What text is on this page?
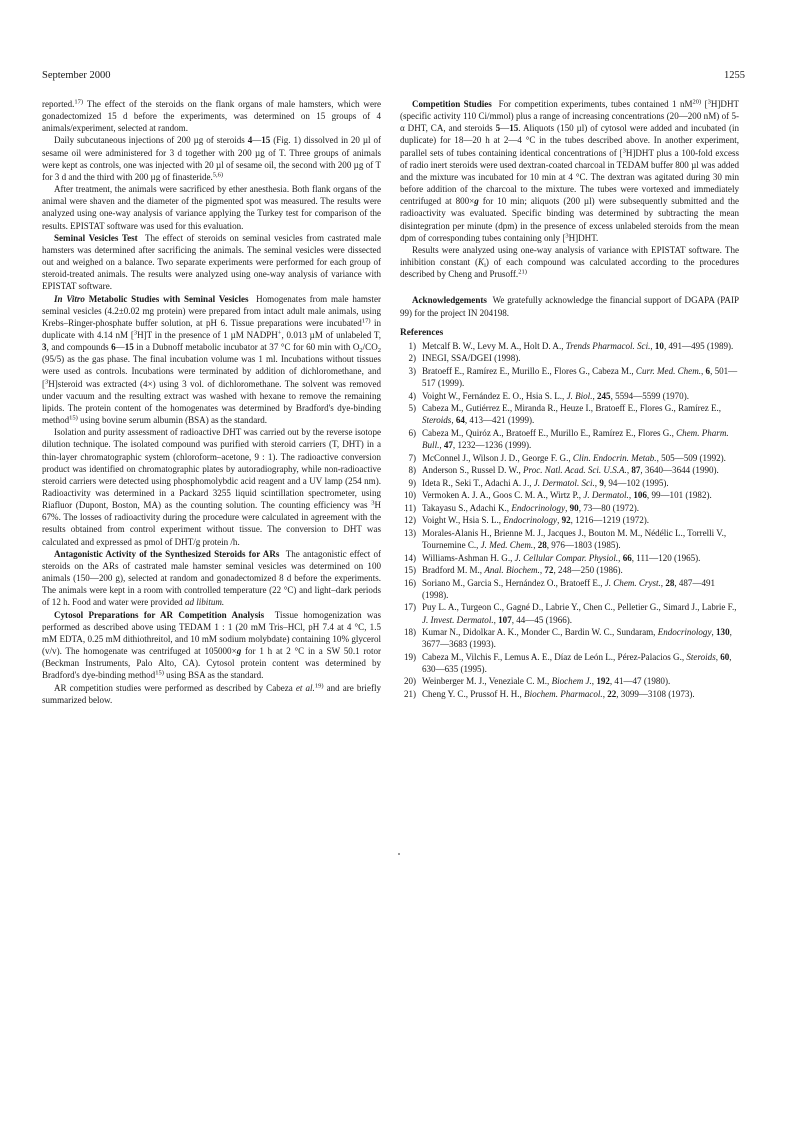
September 2000	1255

reported.$^{17)}$ The effect of the steroids on the flank organs of male hamsters, which were gonadectomized 15 d before the experiments, was determined on 15 groups of 4 animals/experiment, selected at random.

Daily subcutaneous injections of 200 µg of steroids 4—15 (Fig. 1) dissolved in 20 µl of sesame oil were administered for 3 d together with 200 µg of T. Three groups of animals were kept as controls, one was injected with 20 µl of sesame oil, the second with 200 µg of T for 3 d and the third with 200 µg of finasteride.$^{5,6)}$

After treatment, the animals were sacrificed by ether anesthesia. Both flank organs of the animal were shaven and the diameter of the pigmented spot was measured. The results were analyzed using one-way analysis of variance applying the Turkey test for comparison of the results. EPISTAT software was used for this evaluation.

Seminal Vesicles Test The effect of steroids on seminal vesicles from castrated male hamsters was determined after sacrificing the animals. The seminal vesicles were dissected out and weighed on a balance. Two separate experiments were performed for each group of steroid-treated animals. The results were analyzed using one-way analysis of variance with EPISTAT software.

In Vitro Metabolic Studies with Seminal Vesicles Homogenates from male hamster seminal vesicles (4.2±0.02 mg protein) were prepared from intact adult male animals, using Krebs–Ringer-phosphate buffer solution, at pH 6. Tissue preparations were incubated$^{17)}$ in duplicate with 4.14 nM [$^3$H]T in the presence of 1 µM NADPH+, 0.013 µM of unlabeled T, 3, and compounds 6—15 in a Dubnoff metabolic incubator at 37 °C for 60 min with $O_2/CO_2$ (95/5) as the gas phase. The final incubation volume was 1 ml. Incubations without tissues were used as controls. Incubations were terminated by addition of dichloromethane, and [$^3$H]steroid was extracted (4×) using 3 vol. of dichloromethane. The solvent was removed under vacuum and the resulting extract was washed with hexane to remove the remaining lipids. The protein content of the homogenates was determined by Bradford's dye-binding method$^{15)}$ using bovine serum albumin (BSA) as the standard.

Isolation and purity assessment of radioactive DHT was carried out by the reverse isotope dilution technique. The isolated compound was purified with steroid carriers (T, DHT) in a thin-layer chromatographic system (chloroform–acetone, 9 : 1). The radioactive conversion product was identified on chromatographic plates by autoradiography, while non-radioactive steroid carriers were detected using phosphomolybdic acid reagent and a UV lamp (254 nm). Radioactivity was determined in a Packard 3255 liquid scintillation spectrometer, using Riafluor (Dupont, Boston, MA) as the counting solution. The counting efficiency was $^3$H 67%. The losses of radioactivity during the procedure were calculated in agreement with the results obtained from control experiment without tissue. The conversion to DHT was calculated and expressed as pmol of DHT/g protein /h.

Antagonistic Activity of the Synthesized Steroids for ARs The antagonistic effect of steroids on the ARs of castrated male hamster seminal vesicles was determined on 100 animals (150—200 g), selected at random and gonadectomized 8 d before the experiments. The animals were kept in a room with controlled temperature (22 °C) and light–dark periods of 12 h. Food and water were provided ad libitum.

Cytosol Preparations for AR Competition Analysis Tissue homogenization was performed as described above using TEDAM 1 : 1 (20 mM Tris–HCl, pH 7.4 at 4 °C, 1.5 mM EDTA, 0.25 mM dithiothreitol, and 10 mM sodium molybdate) containing 10% glycerol (v/v). The homogenate was centrifuged at 105000×g for 1 h at 2 °C in a SW 50.1 rotor (Beckman Instruments, Palo Alto, CA). Cytosol protein content was determined by Bradford's dye-binding method$^{15)}$ using BSA as the standard.

AR competition studies were performed as described by Cabeza et al.$^{19)}$ and are briefly summarized below.

Competition Studies For competition experiments, tubes contained 1 $nM^{20)}$ [$^3$H]DHT (specific activity 110 Ci/mmol) plus a range of increasing concentrations (20—200 nM) of 5-α DHT, CA, and steroids 5—15. Aliquots (150 µl) of cytosol were added and incubated (in duplicate) for 18—20 h at 2—4 °C in the tubes described above. In another experiment, parallel sets of tubes containing identical concentrations of [$^3$H]DHT plus a 100-fold excess of radio inert steroids were used dextran-coated charcoal in TEDAM buffer 800 µl was added and the mixture was incubated for 10 min at 4 °C. The dextran was agitated during 30 min before addition of the charcoal to the mixture. The tubes were vortexed and immediately centrifuged at 800×g for 10 min; aliquots (200 µl) were subsequently submitted and the radioactivity was evaluated. Specific binding was determined by subtracting the mean disintegration per minute (dpm) in the presence of excess unlabeled steroids from the mean dpm of corresponding tubes containing only [$^3$H]DHT.

Results were analyzed using one-way analysis of variance with EPISTAT software. The inhibition constant $(K_i)$ of each compound was calculated according to the procedures described by Cheng and Prusoff.$^{21)}$

Acknowledgements We gratefully acknowledge the financial support of DGAPA (PAIP 99) for the project IN 204198.

References

1) Metcalf B. W., Levy M. A., Holt D. A., Trends Pharmacol. Sci., 10, 491—495 (1989).
2) INEGI, SSA/DGEI (1998).
3) Bratoeff E., Ramírez E., Murillo E., Flores G., Cabeza M., Curr. Med. Chem., 6, 501—517 (1999).
4) Voight W., Fernández E. O., Hsia S. L., J. Biol., 245, 5594—5599 (1970).
5) Cabeza M., Gutiérrez E., Miranda R., Heuze I., Bratoeff E., Flores G., Ramírez E., Steroids, 64, 413—421 (1999).
6) Cabeza M., Quiróz A., Bratoeff E., Murillo E., Ramírez E., Flores G., Chem. Pharm. Bull., 47, 1232—1236 (1999).
7) McConnel J., Wilson J. D., George F. G., Clin. Endocrin. Metab., 505—509 (1992).
8) Anderson S., Russel D. W., Proc. Natl. Acad. Sci. U.S.A., 87, 3640—3644 (1990).
9) Ideta R., Seki T., Adachi A. J., J. Dermatol. Sci., 9, 94—102 (1995).
10) Vermoken A. J. A., Goos C. M. A., Wirtz P., J. Dermatol., 106, 99—101 (1982).
11) Takayasu S., Adachi K., Endocrinology, 90, 73—80 (1972).
12) Voight W., Hsia S. L., Endocrinology, 92, 1216—1219 (1972).
13) Morales-Alanis H., Brienne M. J., Jacques J., Bouton M. M., Nédélic L., Torrelli V., Tournemine C., J. Med. Chem., 28, 976—1803 (1985).
14) Williams-Ashman H. G., J. Cellular Compar. Physiol., 66, 111—120 (1965).
15) Bradford M. M., Anal. Biochem., 72, 248—250 (1986).
16) Soriano M., Garcia S., Hernández O., Bratoeff E., J. Chem. Cryst., 28, 487—491 (1998).
17) Puy L. A., Turgeon C., Gagné D., Labrie Y., Chen C., Pelletier G., Simard J., Labrie F., J. Invest. Dermatol., 107, 44—45 (1966).
18) Kumar N., Didolkar A. K., Monder C., Bardin W. C., Sundaram, Endocrinology, 130, 3677—3683 (1993).
19) Cabeza M., Vilchis F., Lemus A. E., Díaz de León L., Pérez-Palacios G., Steroids, 60, 630—635 (1995).
20) Weinberger M. J., Veneziale C. M., Biochem J., 192, 41—47 (1980).
21) Cheng Y. C., Prussof H. H., Biochem. Pharmacol., 22, 3099—3108 (1973).
